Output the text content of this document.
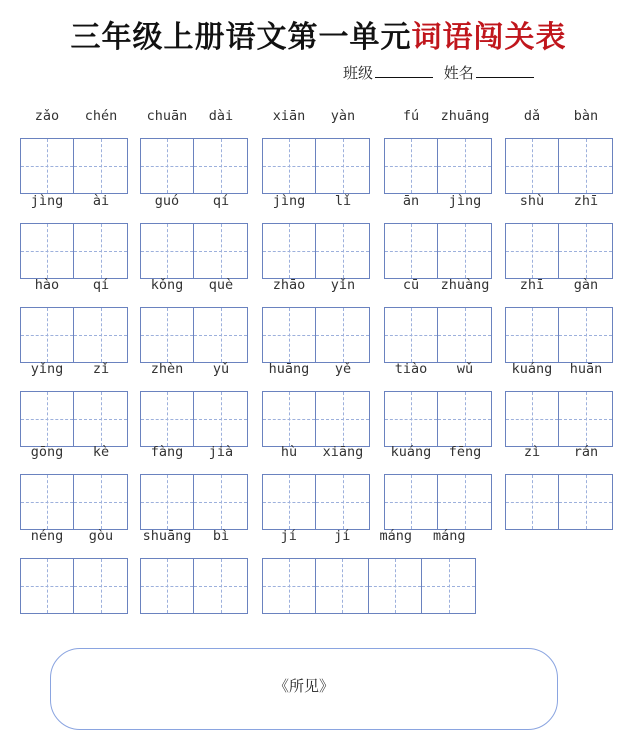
三年级上册语文第一单元词语闯关表
班级	姓名
zǎo	chén	chuān	dài	xiān	yàn	fú	zhuāng	dǎ	bàn
jìng	ài	guó	qí	jìng	lǐ	ān	jìng	shù	zhī
hào	qí	kǒng	què	zhāo	yǐn	cū	zhuàng	zhī	gàn
yǐng	zǐ	zhèn	yǔ	huāng	yě	tiào	wǔ	kuáng	huān
gōng	kè	fàng	jià	hù	xiāng	kuáng	fēng	zì	rán
néng	gòu	shuāng	bì	jí	jí	máng	máng
《所见》
